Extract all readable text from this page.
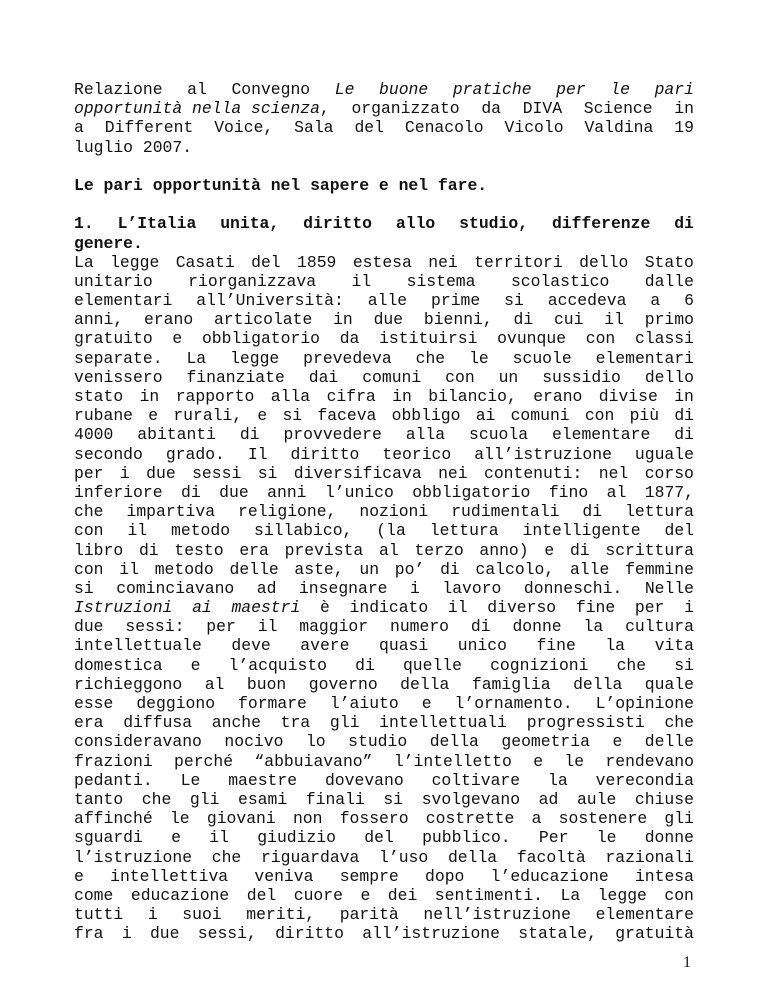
Relazione al Convegno Le buone pratiche per le pari
opportunità nella scienza, organizzato da DIVA Science in
a Different Voice, Sala del Cenacolo Vicolo Valdina 19
luglio 2007.
Le pari opportunità nel sapere e nel fare.
1. L’Italia unita, diritto allo studio, differenze di
genere.
La legge Casati del 1859 estesa nei territori dello Stato
unitario riorganizzava il sistema scolastico dalle
elementari all’Università: alle prime si accedeva a 6
anni, erano articolate in due bienni, di cui il primo
gratuito e obbligatorio da istituirsi ovunque con classi
separate. La legge prevedeva che le scuole elementari
venissero finanziate dai comuni con un sussidio dello
stato in rapporto alla cifra in bilancio, erano divise in
rubane e rurali, e si faceva obbligo ai comuni con più di
4000 abitanti di provvedere alla scuola elementare di
secondo grado. Il diritto teorico all’istruzione uguale
per i due sessi si diversificava nei contenuti: nel corso
inferiore di due anni l’unico obbligatorio fino al 1877,
che impartiva religione, nozioni rudimentali di lettura
con il metodo sillabico, (la lettura intelligente del
libro di testo era prevista al terzo anno) e di scrittura
con il metodo delle aste, un po’ di calcolo, alle femmine
si cominciavano ad insegnare i lavoro donneschi. Nelle
Istruzioni ai maestri è indicato il diverso fine per i
due sessi: per il maggior numero di donne la cultura
intellettuale deve avere quasi unico fine la vita
domestica e l’acquisto di quelle cognizioni che si
richieggono al buon governo della famiglia della quale
esse deggiono formare l’aiuto e l’ornamento. L’opinione
era diffusa anche tra gli intellettuali progressisti che
consideravano nocivo lo studio della geometria e delle
frazioni perché “abbuiavano” l’intelletto e le rendevano
pedanti. Le maestre dovevano coltivare la verecondia
tanto che gli esami finali si svolgevano ad aule chiuse
affinché le giovani non fossero costrette a sostenere gli
sguardi e il giudizio del pubblico. Per le donne
l’istruzione che riguardava l’uso della facoltà razionali
e intellettiva veniva sempre dopo l’educazione intesa
come educazione del cuore e dei sentimenti. La legge con
tutti i suoi meriti, parità nell’istruzione elementare
fra i due sessi, diritto all’istruzione statale, gratuità
1
